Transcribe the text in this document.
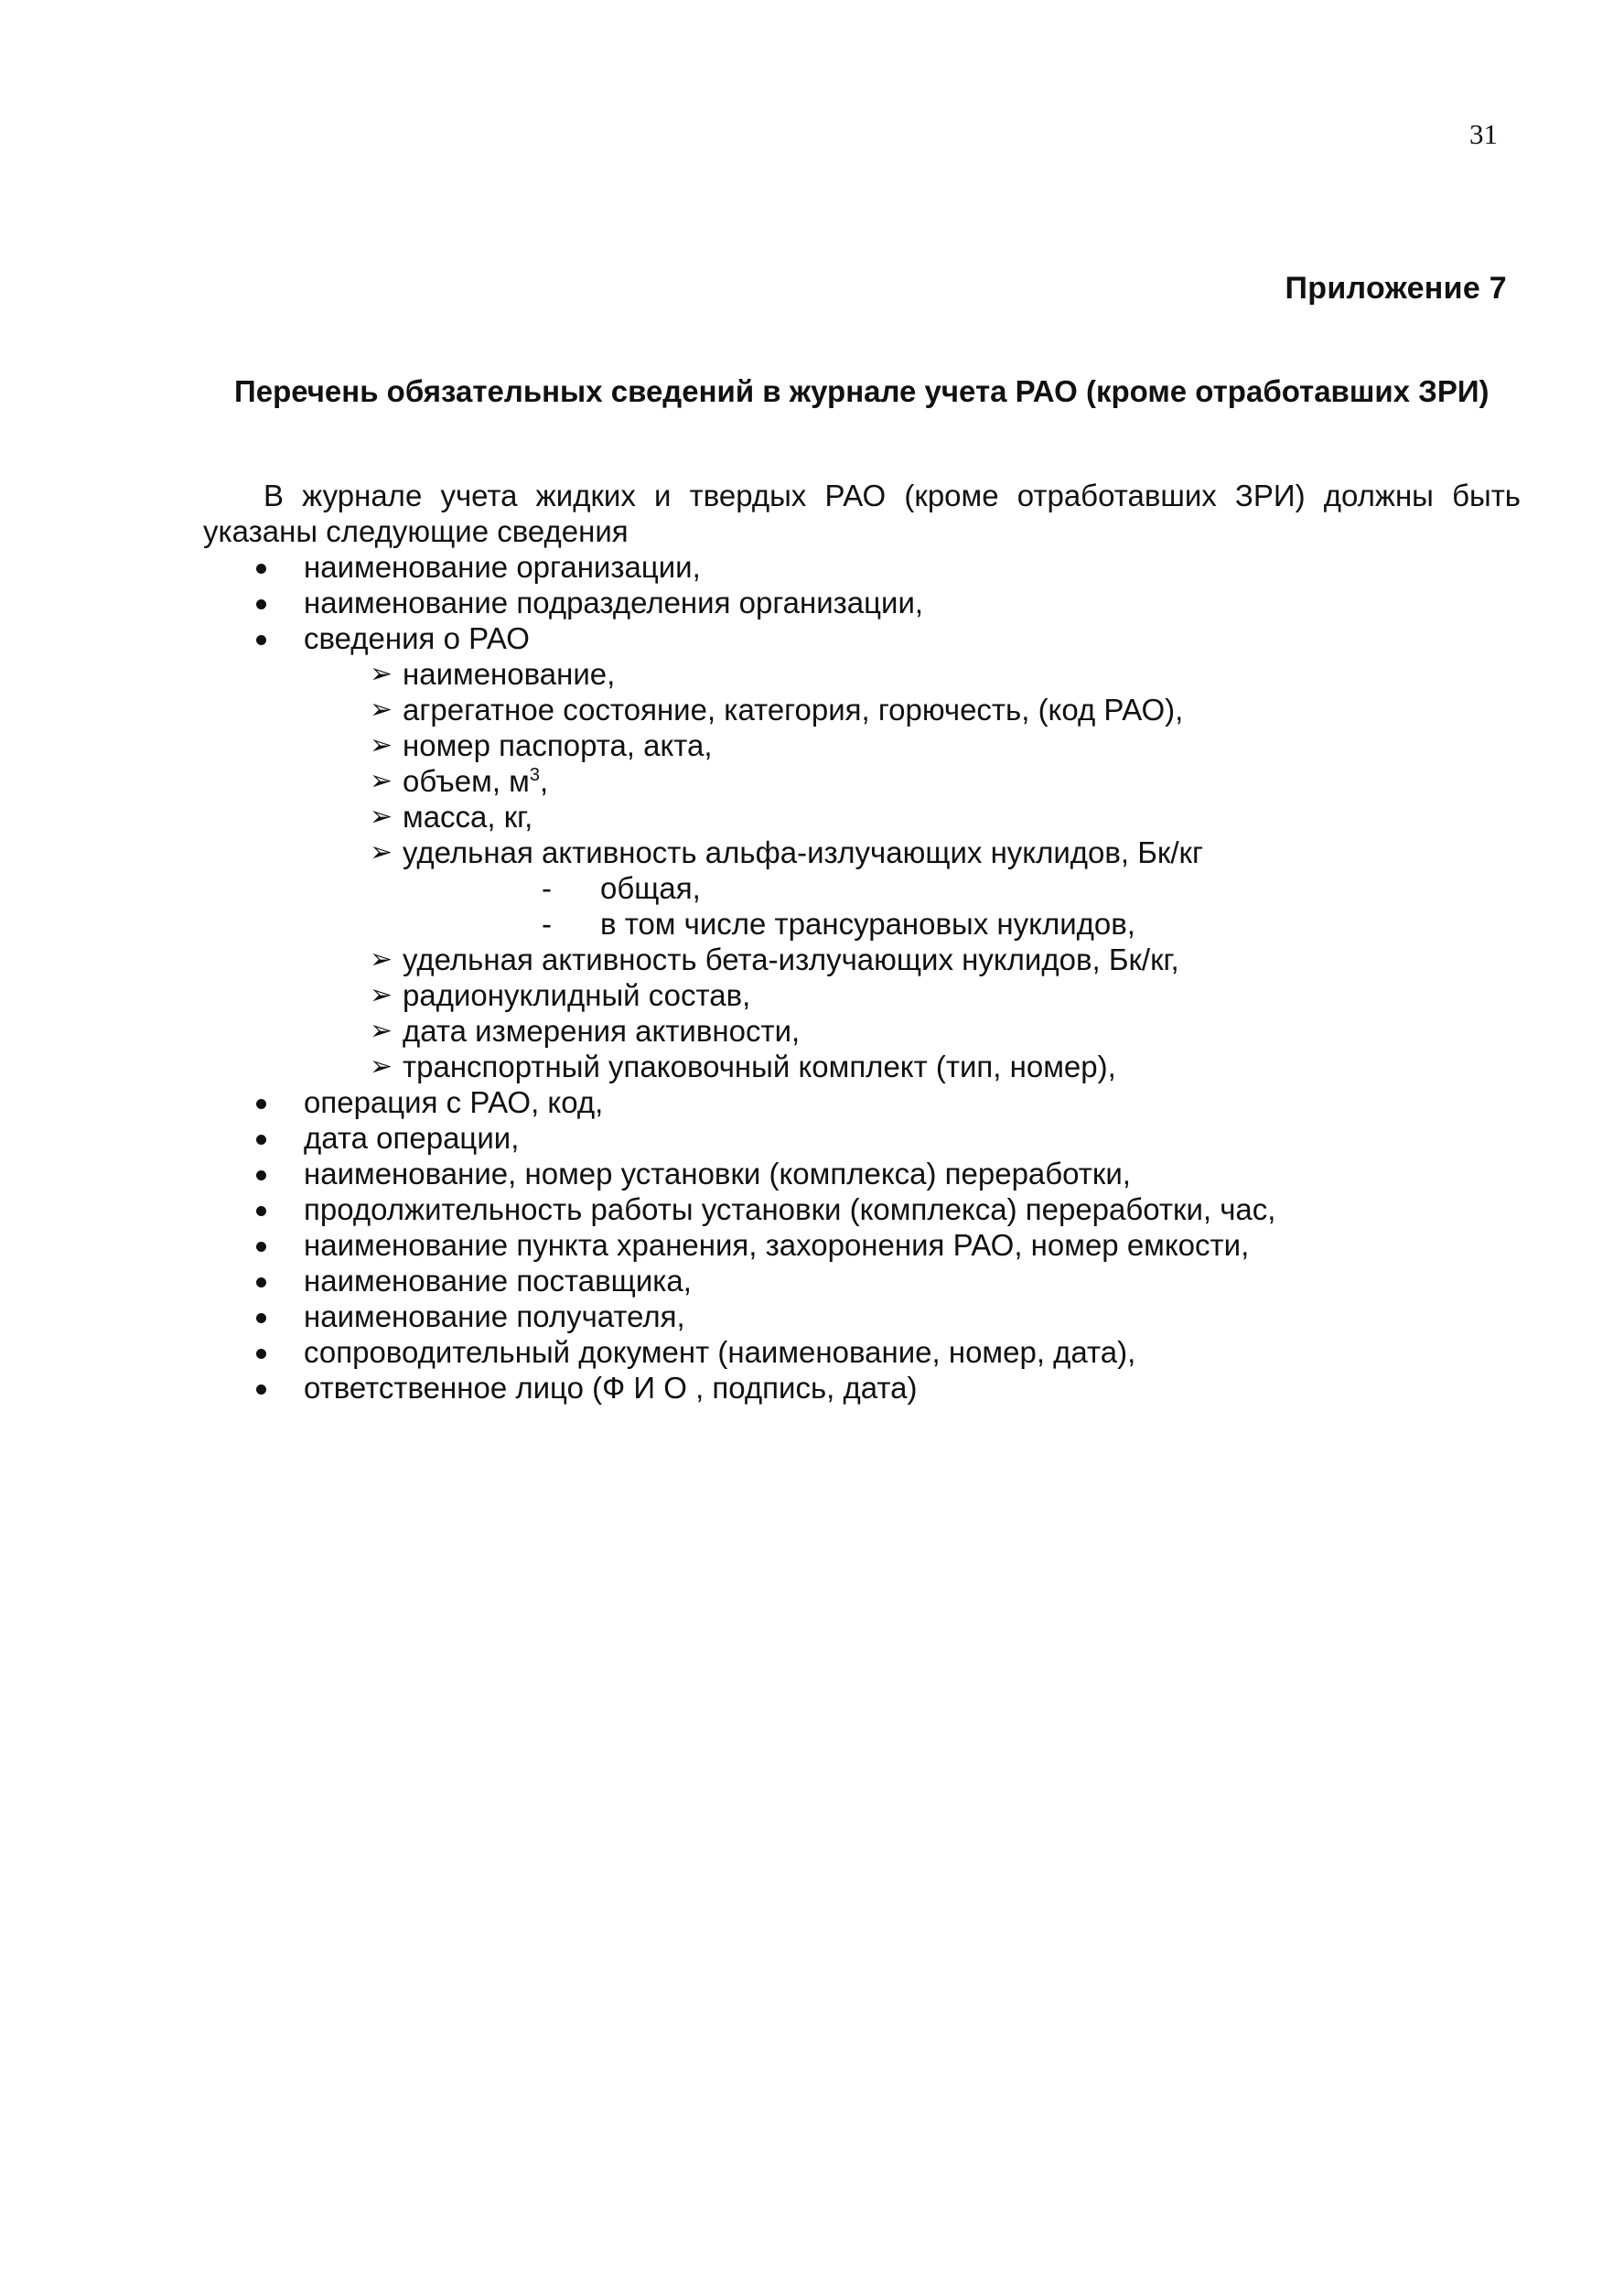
31
Приложение 7
Перечень обязательных сведений в журнале учета РАО (кроме отработавших ЗРИ)

В журнале учета жидких и твердых РАО (кроме отработавших ЗРИ) должны быть указаны следующие сведения

наименование организации,
наименование подразделения организации,
сведения о РАО
➢ наименование,
➢ агрегатное состояние, категория, горючесть, (код РАО),
➢ номер паспорта, акта,
➢ объем, $м^3$,
➢ масса, кг,
➢ удельная активность альфа-излучающих нуклидов, Бк/кг
- общая,
- в том числе трансурановых нуклидов,
➢ удельная активность бета-излучающих нуклидов, Бк/кг,
➢ радионуклидный состав,
➢ дата измерения активности,
➢ транспортный упаковочный комплект (тип, номер),
операция с РАО, код,
дата операции,
наименование, номер установки (комплекса) переработки,
продолжительность работы установки (комплекса) переработки, час,
наименование пункта хранения, захоронения РАО, номер емкости,
наименование поставщика,
наименование получателя,
сопроводительный документ (наименование, номер, дата),
ответственное лицо (Ф И О , подпись, дата)
